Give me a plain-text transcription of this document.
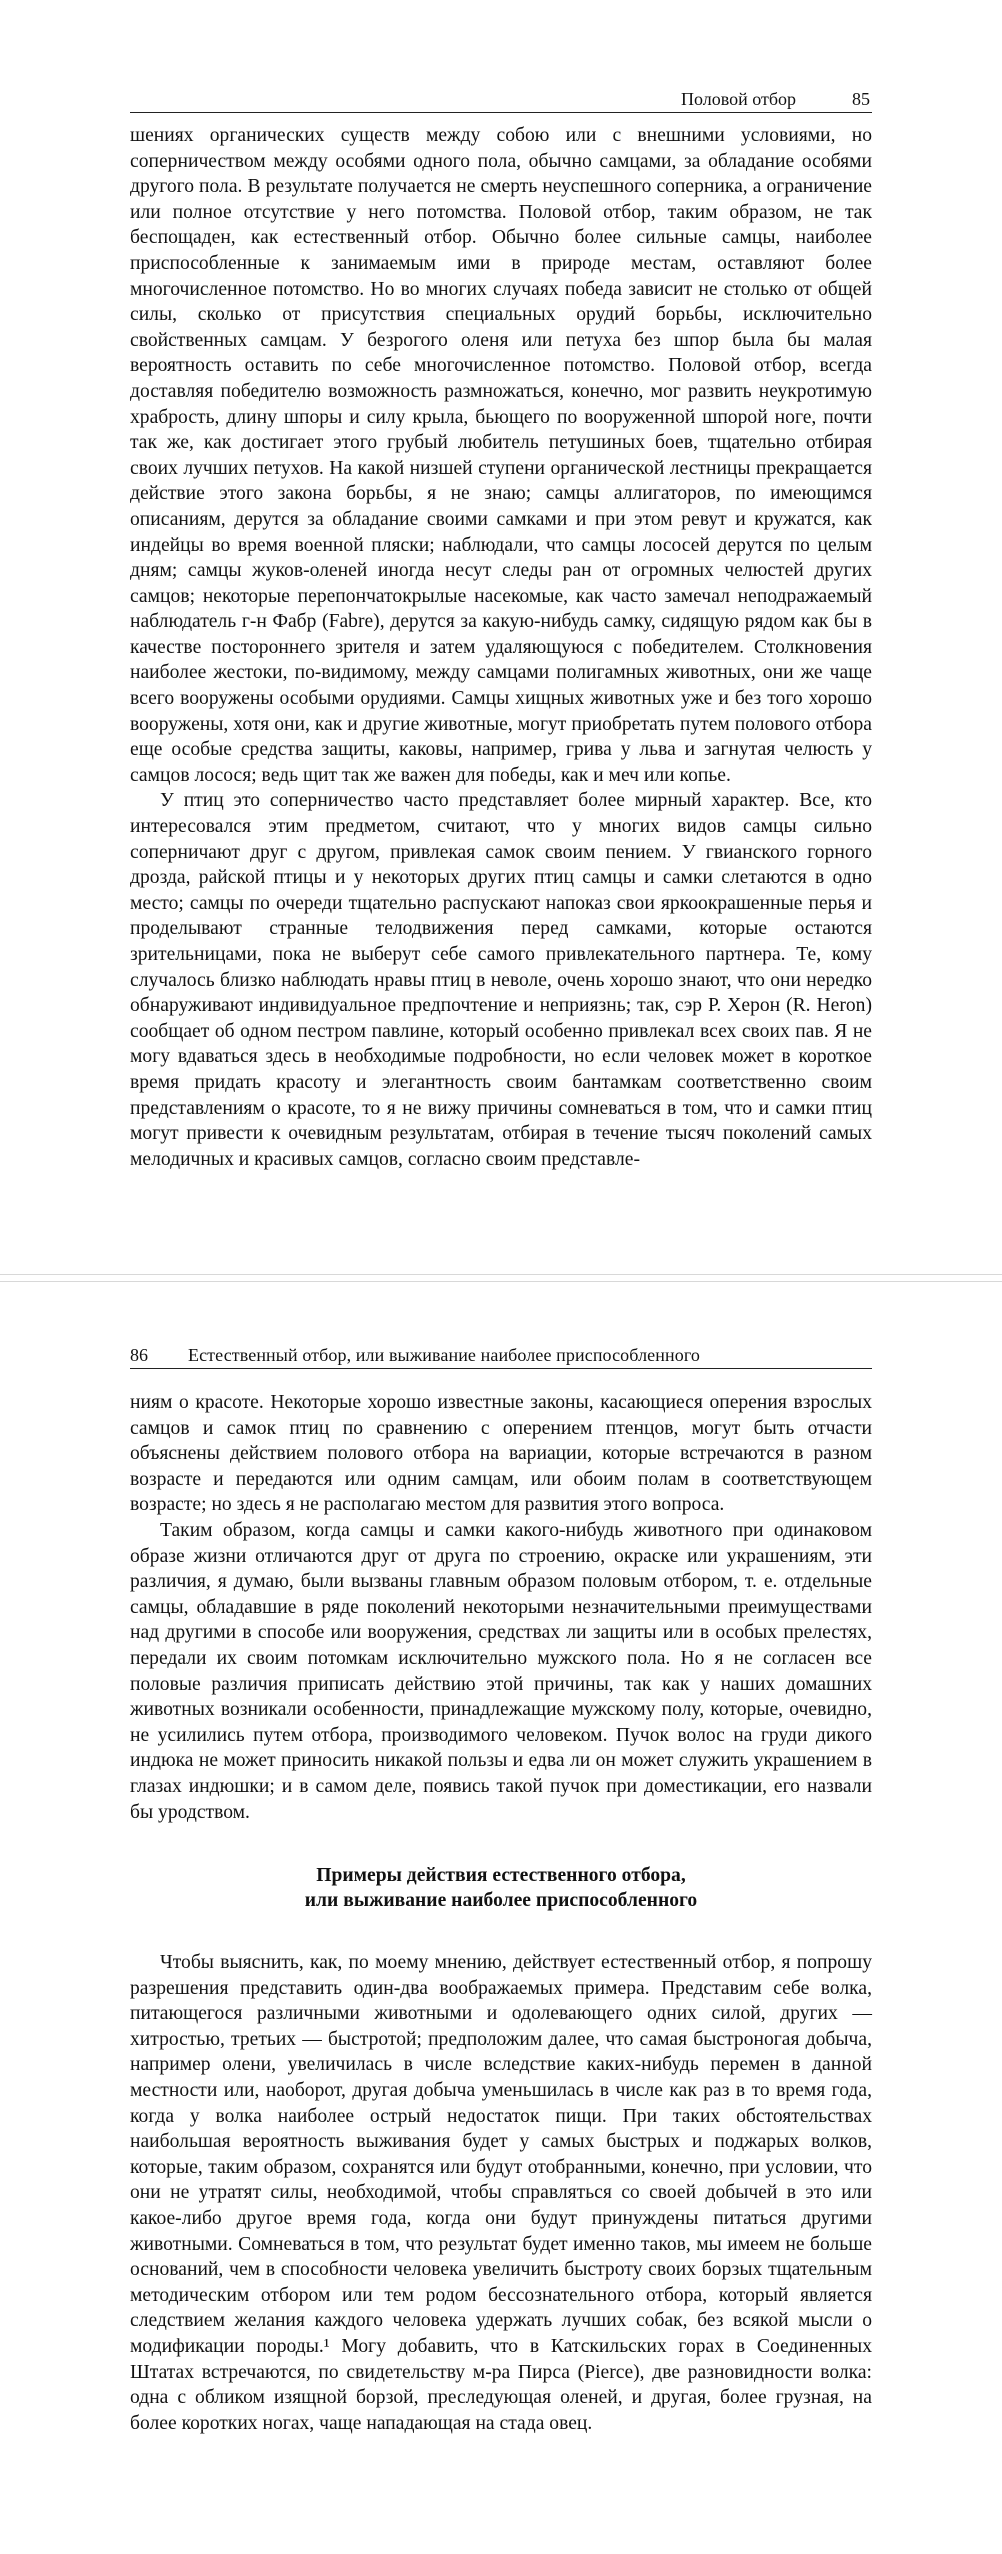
Половой отбор	85

шениях органических существ между собою или с внешними условиями, но соперничеством между особями одного пола, обычно самцами, за обладание особями другого пола. В результате получается не смерть неуспешного соперника, а ограничение или полное отсутствие у него потомства. Половой отбор, таким образом, не так беспощаден, как естественный отбор. Обычно более сильные самцы, наиболее приспособленные к занимаемым ими в природе местам, оставляют более многочисленное потомство. Но во многих случаях победа зависит не столько от общей силы, сколько от присутствия специальных орудий борьбы, исключительно свойственных самцам. У безрогого оленя или петуха без шпор была бы малая вероятность оставить по себе многочисленное потомство. Половой отбор, всегда доставляя победителю возможность размножаться, конечно, мог развить неукротимую храбрость, длину шпоры и силу крыла, бьющего по вооруженной шпорой ноге, почти так же, как достигает этого грубый любитель петушиных боев, тщательно отбирая своих лучших петухов. На какой низшей ступени органической лестницы прекращается действие этого закона борьбы, я не знаю; самцы аллигаторов, по имеющимся описаниям, дерутся за обладание своими самками и при этом ревут и кружатся, как индейцы во время военной пляски; наблюдали, что самцы лососей дерутся по целым дням; самцы жуков-оленей иногда несут следы ран от огромных челюстей других самцов; некоторые перепончатокрылые насекомые, как часто замечал неподражаемый наблюдатель г-н Фабр (Fabre), дерутся за какую-нибудь самку, сидящую рядом как бы в качестве постороннего зрителя и затем удаляющуюся с победителем. Столкновения наиболее жестоки, по-видимому, между самцами полигамных животных, они же чаще всего вооружены особыми орудиями. Самцы хищных животных уже и без того хорошо вооружены, хотя они, как и другие животные, могут приобретать путем полового отбора еще особые средства защиты, каковы, например, грива у льва и загнутая челюсть у самцов лосося; ведь щит так же важен для победы, как и меч или копье.

У птиц это соперничество часто представляет более мирный характер. Все, кто интересовался этим предметом, считают, что у многих видов самцы сильно соперничают друг с другом, привлекая самок своим пением. У гвианского горного дрозда, райской птицы и у некоторых других птиц самцы и самки слетаются в одно место; самцы по очереди тщательно распускают напоказ свои яркоокрашенные перья и проделывают странные телодвижения перед самками, которые остаются зрительницами, пока не выберут себе самого привлекательного партнера. Те, кому случалось близко наблюдать нравы птиц в неволе, очень хорошо знают, что они нередко обнаруживают индивидуальное предпочтение и неприязнь; так, сэр Р. Херон (R. Heron) сообщает об одном пестром павлине, который особенно привлекал всех своих пав. Я не могу вдаваться здесь в необходимые подробности, но если человек может в короткое время придать красоту и элегантность своим бантамкам соответственно своим представлениям о красоте, то я не вижу причины сомневаться в том, что и самки птиц могут привести к очевидным результатам, отбирая в течение тысяч поколений самых мелодичных и красивых самцов, согласно своим представле-

86 Естественный отбор, или выживание наиболее приспособленного

ниям о красоте. Некоторые хорошо известные законы, касающиеся оперения взрослых самцов и самок птиц по сравнению с оперением птенцов, могут быть отчасти объяснены действием полового отбора на вариации, которые встречаются в разном возрасте и передаются или одним самцам, или обоим полам в соответствующем возрасте; но здесь я не располагаю местом для развития этого вопроса.

Таким образом, когда самцы и самки какого-нибудь животного при одинаковом образе жизни отличаются друг от друга по строению, окраске или украшениям, эти различия, я думаю, были вызваны главным образом половым отбором, т. е. отдельные самцы, обладавшие в ряде поколений некоторыми незначительными преимуществами над другими в способе или вооружения, средствах ли защиты или в особых прелестях, передали их своим потомкам исключительно мужского пола. Но я не согласен все половые различия приписать действию этой причины, так как у наших домашних животных возникали особенности, принадлежащие мужскому полу, которые, очевидно, не усилились путем отбора, производимого человеком. Пучок волос на груди дикого индюка не может приносить никакой пользы и едва ли он может служить украшением в глазах индюшки; и в самом деле, появись такой пучок при доместикации, его назвали бы уродством.

Примеры действия естественного отбора,
или выживание наиболее приспособленного

Чтобы выяснить, как, по моему мнению, действует естественный отбор, я попрошу разрешения представить один-два воображаемых примера. Представим себе волка, питающегося различными животными и одолевающего одних силой, других — хитростью, третьих — быстротой; предположим далее, что самая быстроногая добыча, например олени, увеличилась в числе вследствие каких-нибудь перемен в данной местности или, наоборот, другая добыча уменьшилась в числе как раз в то время года, когда у волка наиболее острый недостаток пищи. При таких обстоятельствах наибольшая вероятность выживания будет у самых быстрых и поджарых волков, которые, таким образом, сохранятся или будут отобранными, конечно, при условии, что они не утратят силы, необходимой, чтобы справляться со своей добычей в это или какое-либо другое время года, когда они будут принуждены питаться другими животными. Сомневаться в том, что результат будет именно таков, мы имеем не больше оснований, чем в способности человека увеличить быстроту своих борзых тщательным методическим отбором или тем родом бессознательного отбора, который является следствием желания каждого человека удержать лучших собак, без всякой мысли о модификации породы.¹ Могу добавить, что в Катскильских горах в Соединенных Штатах встречаются, по свидетельству м-ра Пирса (Pierce), две разновидности волка: одна с обликом изящной борзой, преследующая оленей, и другая, более грузная, на более коротких ногах, чаще нападающая на стада овец.
